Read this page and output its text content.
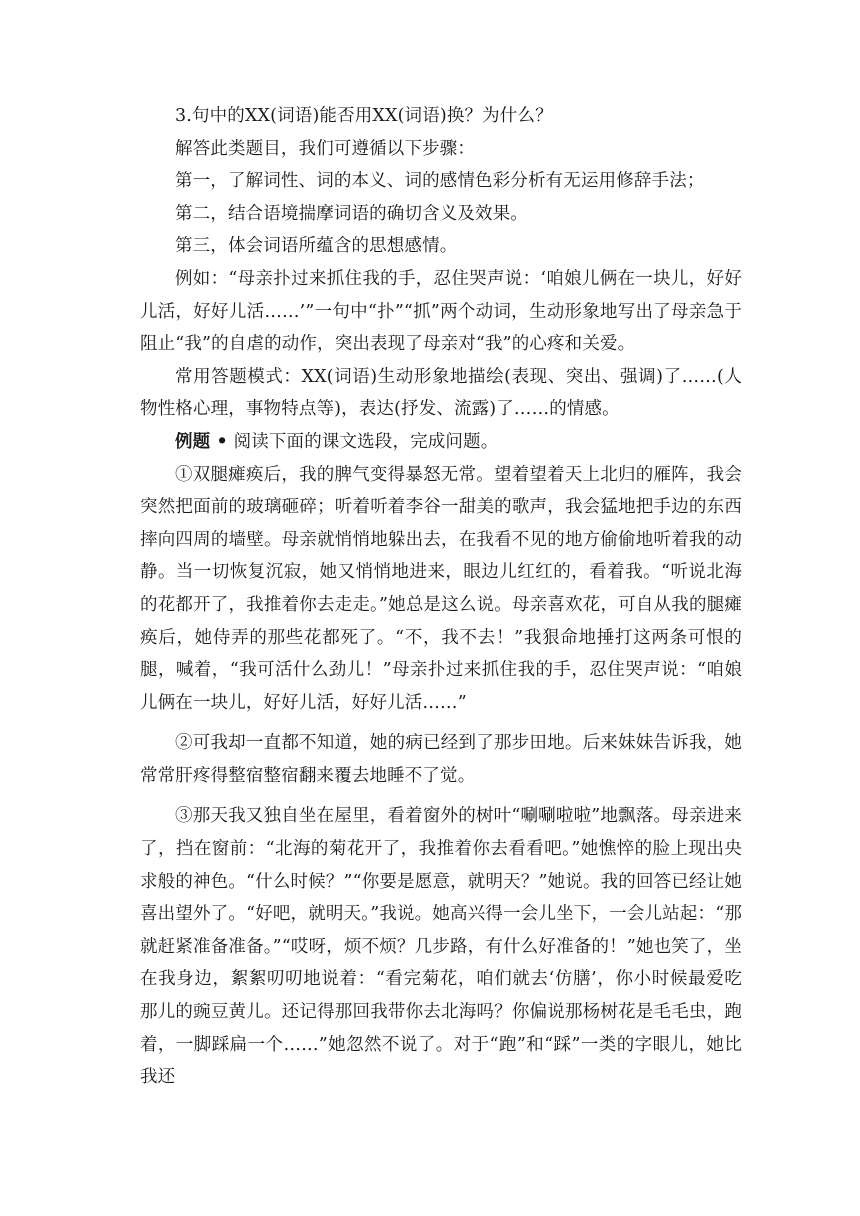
3.句中的XX(词语)能否用XX(词语)换？为什么？

解答此类题目，我们可遵循以下步骤：

第一，了解词性、词的本义、词的感情色彩分析有无运用修辞手法；

第二，结合语境揣摩词语的确切含义及效果。

第三，体会词语所蕴含的思想感情。

例如：“母亲扑过来抓住我的手，忍住哭声说：‘咱娘儿俩在一块儿，好好儿活，好好儿活……’”一句中“扑”“抓”两个动词，生动形象地写出了母亲急于阻止“我”的自虐的动作，突出表现了母亲对“我”的心疼和关爱。

常用答题模式：XX(词语)生动形象地描绘(表现、突出、强调)了……(人物性格心理，事物特点等)，表达(抒发、流露)了……的情感。

例题 • 阅读下面的课文选段，完成问题。

①双腿瘫痪后，我的脾气变得暴怒无常。望着望着天上北归的雁阵，我会突然把面前的玻璃砸碎；听着听着李谷一甜美的歌声，我会猛地把手边的东西摔向四周的墙壁。母亲就悄悄地躲出去，在我看不见的地方偷偷地听着我的动静。当一切恢复沉寂，她又悄悄地进来，眼边儿红红的，看着我。“听说北海的花都开了，我推着你去走走。”她总是这么说。母亲喜欢花，可自从我的腿瘫痪后，她侍弄的那些花都死了。“不，我不去！”我狠命地捶打这两条可恨的腿，喊着，“我可活什么劲儿！”母亲扑过来抓住我的手，忍住哭声说：“咱娘儿俩在一块儿，好好儿活，好好儿活……”

②可我却一直都不知道，她的病已经到了那步田地。后来妹妹告诉我，她常常肝疼得整宿整宿翻来覆去地睡不了觉。

③那天我又独自坐在屋里，看着窗外的树叶“唰唰啦啦”地飘落。母亲进来了，挡在窗前：“北海的菊花开了，我推着你去看看吧。”她憔悴的脸上现出央求般的神色。“什么时候？”“你要是愿意，就明天？”她说。我的回答已经让她喜出望外了。“好吧，就明天。”我说。她高兴得一会儿坐下，一会儿站起：“那就赶紧准备准备。”“哎呀，烦不烦？几步路，有什么好准备的！”她也笑了，坐在我身边，絮絮叨叨地说着：“看完菊花，咱们就去‘仿膳’，你小时候最爱吃那儿的豌豆黄儿。还记得那回我带你去北海吗？你偏说那杨树花是毛毛虫，跑着，一脚踩扁一个……”她忽然不说了。对于“跑”和“踩”一类的字眼儿，她比我还
